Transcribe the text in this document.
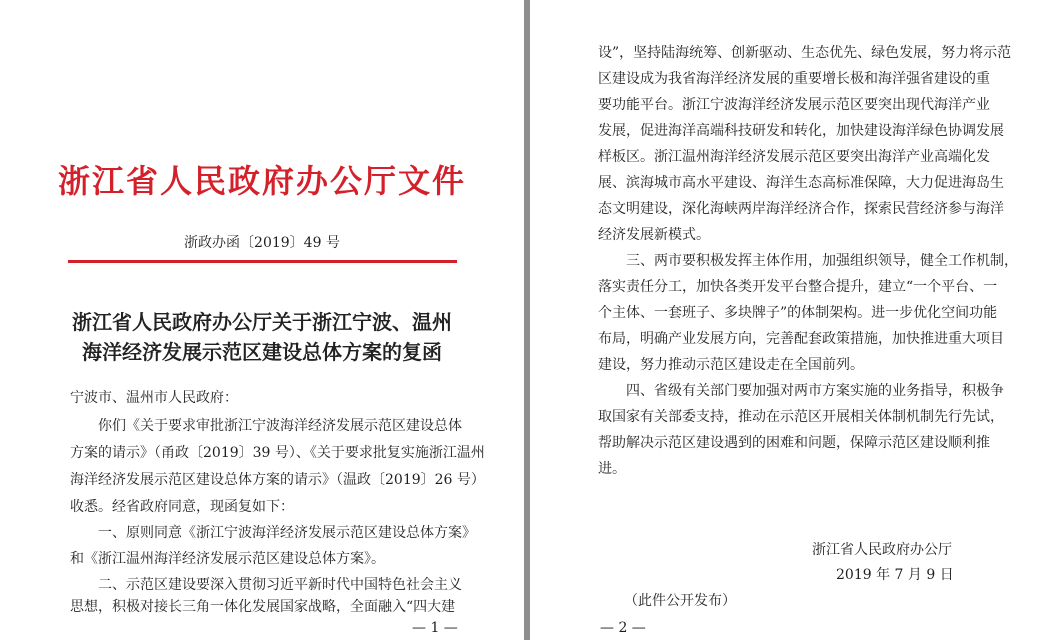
浙江省人民政府办公厅文件
浙政办函〔2019〕49 号
浙江省人民政府办公厅关于浙江宁波、温州
海洋经济发展示范区建设总体方案的复函
宁波市、温州市人民政府：
　　你们《关于要求审批浙江宁波海洋经济发展示范区建设总体
方案的请示》（甬政〔2019〕39 号）、《关于要求批复实施浙江温州
海洋经济发展示范区建设总体方案的请示》（温政〔2019〕26 号）
收悉。经省政府同意，现函复如下：
　　一、原则同意《浙江宁波海洋经济发展示范区建设总体方案》
和《浙江温州海洋经济发展示范区建设总体方案》。
　　二、示范区建设要深入贯彻习近平新时代中国特色社会主义
思想，积极对接长三角一体化发展国家战略，全面融入“四大建
— 1 —
设”，坚持陆海统筹、创新驱动、生态优先、绿色发展，努力将示范
区建设成为我省海洋经济发展的重要增长极和海洋强省建设的重
要功能平台。浙江宁波海洋经济发展示范区要突出现代海洋产业
发展，促进海洋高端科技研发和转化，加快建设海洋绿色协调发展
样板区。浙江温州海洋经济发展示范区要突出海洋产业高端化发
展、滨海城市高水平建设、海洋生态高标准保障，大力促进海岛生
态文明建设，深化海峡两岸海洋经济合作，探索民营经济参与海洋
经济发展新模式。
　　三、两市要积极发挥主体作用，加强组织领导，健全工作机制，
落实责任分工，加快各类开发平台整合提升，建立“一个平台、一
个主体、一套班子、多块牌子”的体制架构。进一步优化空间功能
布局，明确产业发展方向，完善配套政策措施，加快推进重大项目
建设，努力推动示范区建设走在全国前列。
　　四、省级有关部门要加强对两市方案实施的业务指导，积极争
取国家有关部委支持，推动在示范区开展相关体制机制先行先试，
帮助解决示范区建设遇到的困难和问题，保障示范区建设顺利推
进。
浙江省人民政府办公厅
2019 年 7 月 9 日
（此件公开发布）
— 2 —
